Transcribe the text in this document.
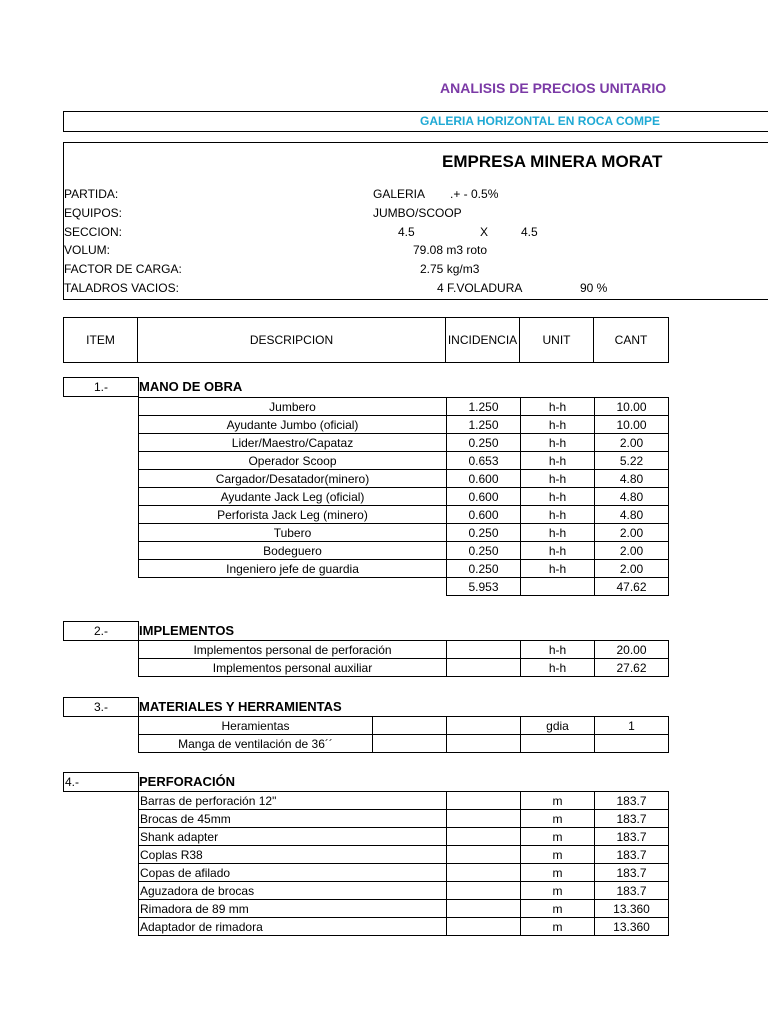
ANALISIS DE PRECIOS UNITARIO
GALERIA HORIZONTAL EN ROCA COMPE
EMPRESA MINERA MORAT
PARTIDA:	GALERIA .+ - 0.5%
EQUIPOS:	JUMBO/SCOOP
SECCION:	4.5	X	4.5
VOLUM:	79.08 m3 roto
FACTOR DE CARGA:	2.75 kg/m3
TALADROS VACIOS:	4 F.VOLADURA	90 %
ITEM	DESCRIPCION	INCIDENCIA	UNIT	CANT
1.-	MANO DE OBRA
Jumbero	1.250	h-h	10.00
Ayudante Jumbo (oficial)	1.250	h-h	10.00
Lider/Maestro/Capataz	0.250	h-h	2.00
Operador Scoop	0.653	h-h	5.22
Cargador/Desatador(minero)	0.600	h-h	4.80
Ayudante Jack Leg (oficial)	0.600	h-h	4.80
Perforista Jack Leg (minero)	0.600	h-h	4.80
Tubero	0.250	h-h	2.00
Bodeguero	0.250	h-h	2.00
Ingeniero jefe de guardia	0.250	h-h	2.00
	5.953		47.62
2.-	IMPLEMENTOS
Implementos personal de perforación		h-h	20.00
Implementos personal auxiliar		h-h	27.62
3.-	MATERIALES Y HERRAMIENTAS
Heramientas			gdia	1
Manga de ventilación de 36´´				
4.-	PERFORACIÓN
Barras de perforación 12"		m	183.7
Brocas de 45mm		m	183.7
Shank adapter		m	183.7
Coplas R38		m	183.7
Copas de afilado		m	183.7
Aguzadora de brocas		m	183.7
Rimadora de 89 mm		m	13.360
Adaptador de rimadora		m	13.360
